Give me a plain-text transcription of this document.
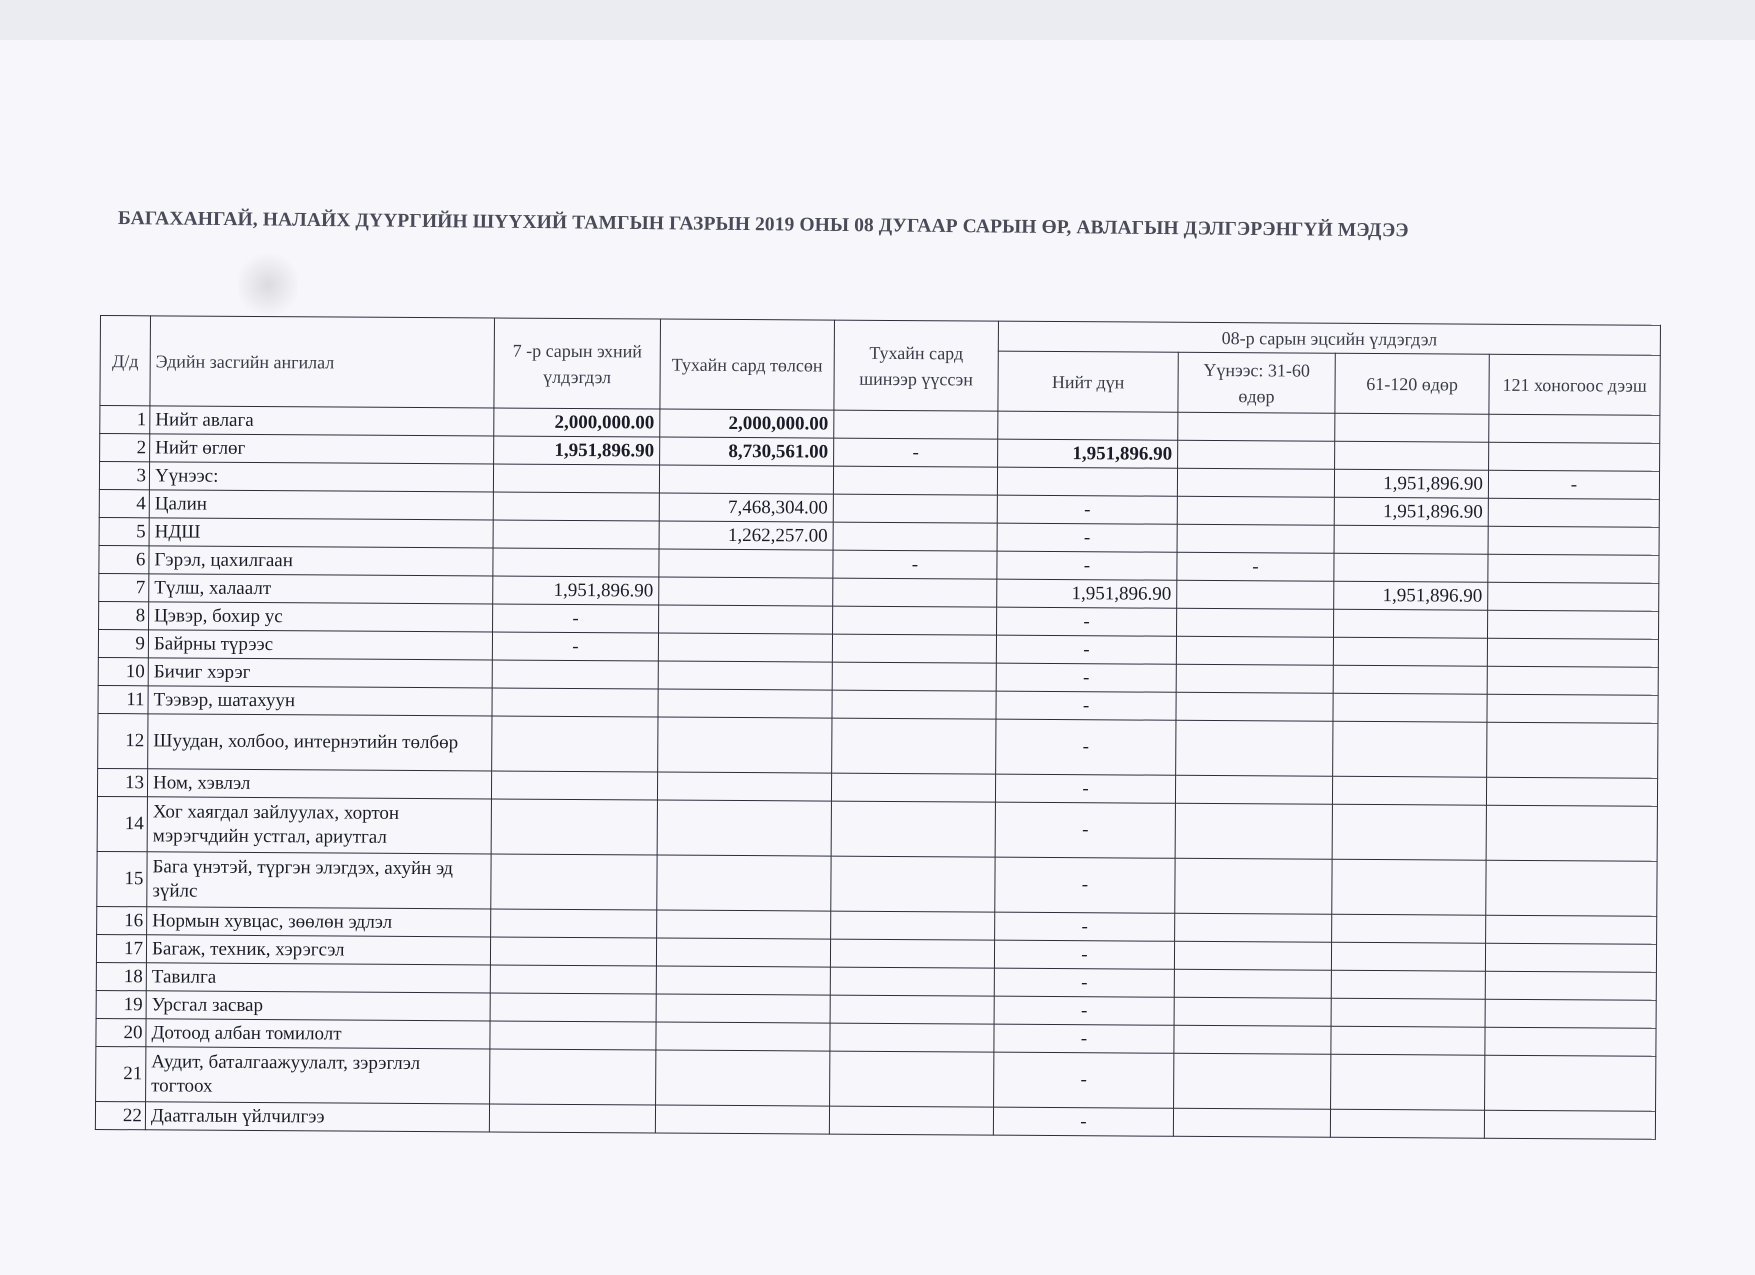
БАГАХАНГАЙ, НАЛАЙХ ДҮҮРГИЙН ШҮҮХИЙ ТАМГЫН ГАЗРЫН 2019 ОНЫ 08 ДУГААР САРЫН ӨР, АВЛАГЫН ДЭЛГЭРЭНГҮЙ МЭДЭЭ
Д/д	Эдийн засгийн ангилал	7 -р сарын эхний үлдэгдэл	Тухайн сард төлсөн	Тухайн сард шинээр үүссэн	08-р сарын эцсийн үлдэгдэл			
					Нийт дүн	Үүнээс: 31-60 өдөр	61-120 өдөр	121 хоногоос дээш
1	Нийт авлага	2,000,000.00	2,000,000.00					
2	Нийт өглөг	1,951,896.90	8,730,561.00	-	1,951,896.90			
3	Үүнээс:						1,951,896.90	-
4	Цалин		7,468,304.00		-		1,951,896.90	
5	НДШ		1,262,257.00		-			
6	Гэрэл, цахилгаан			-	-	-		
7	Түлш, халаалт	1,951,896.90			1,951,896.90		1,951,896.90	
8	Цэвэр, бохир ус	-			-			
9	Байрны түрээс	-			-			
10	Бичиг хэрэг				-			
11	Тээвэр, шатахуун				-			
12	Шуудан, холбоо, интернэтийн төлбөр				-			
13	Ном, хэвлэл				-			
14	Хог хаягдал зайлуулах, хортон мэрэгчдийн устгал, ариутгал				-			
15	Бага үнэтэй, түргэн элэгдэх, ахуйн эд зүйлс				-			
16	Нормын хувцас, зөөлөн эдлэл				-			
17	Багаж, техник, хэрэгсэл				-			
18	Тавилга				-			
19	Урсгал засвар				-			
20	Дотоод албан томилолт				-			
21	Аудит, баталгаажуулалт, зэрэглэл тогтоох				-			
22	Даатгалын үйлчилгээ				-			
